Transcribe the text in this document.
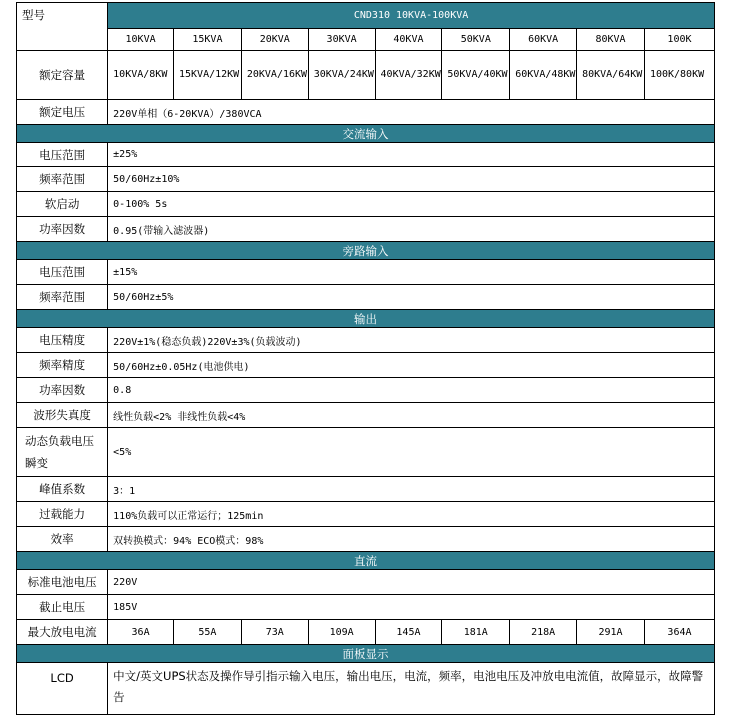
型号	CND310 10KVA-100KVA								
	10KVA	15KVA	20KVA	30KVA	40KVA	50KVA	60KVA	80KVA	100K
额定容量	10KVA/8KW	15KVA/12KW	20KVA/16KW	30KVA/24KW	40KVA/32KW	50KVA/40KW	60KVA/48KW	80KVA/64KW	100K/80KW
额定电压	220V单相（6-20KVA）/380VCA								
交流输入									
电压范围	±25%								
频率范围	50/60Hz±10%								
软启动	0-100% 5s								
功率因数	0.95(带输入滤波器)								
旁路输入									
电压范围	±15%								
频率范围	50/60Hz±5%								
输出									
电压精度	220V±1%(稳态负载)220V±3%(负载波动)								
频率精度	50/60Hz±0.05Hz(电池供电)								
功率因数	0.8								
波形失真度	线性负载<2% 非线性负载<4%								
动态负载电压瞬变	<5%								
峰值系数	3：1								
过载能力	110%负载可以正常运行；125min								
效率	双转换模式：94% ECO模式：98%								
直流									
标准电池电压	220V								
截止电压	185V								
最大放电电流	36A	55A	73A	109A	145A	181A	218A	291A	364A
面板显示									
LCD	中文/英文UPS状态及操作导引指示输入电压，输出电压，电流，频率，电池电压及冲放电电流值，故障显示，故障警告								
